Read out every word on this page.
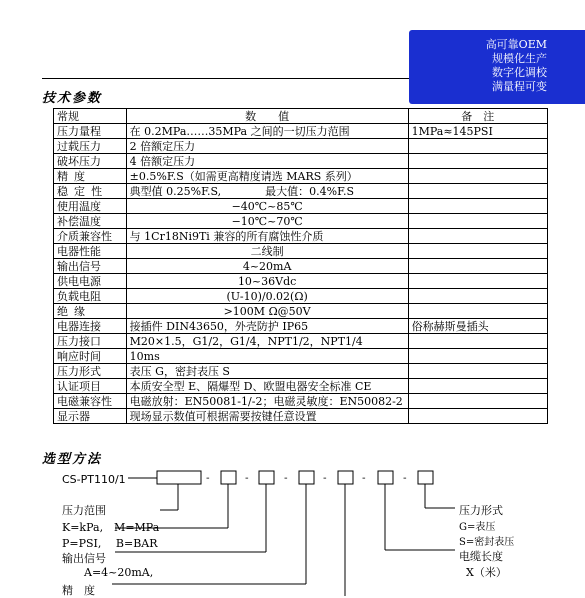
高可靠OEM
规模化生产
数字化调校
满量程可变
技术参数
常规	数　　值	备　注
压力量程	在 0.2MPa……35MPa 之间的一切压力范围	1MPa≈145PSI
过载压力	2 倍额定压力	
破坏压力	4 倍额定压力	
精度	±0.5%F.S（如需更高精度请选 MARS 系列）	
稳定性	典型值 0.25%F.S,　　　　最大值：0.4%F.S	
使用温度	−40℃~85℃	
补偿温度	−10℃~70℃	
介质兼容性	与 1Cr18Ni9Ti 兼容的所有腐蚀性介质	
电器性能	二线制	
输出信号	4~20mA	
供电电源	10~36Vdc	
负载电阻	(U-10)/0.02(Ω)	
绝缘	>100M Ω@50V	
电器连接	接插件 DIN43650，外壳防护 IP65	俗称赫斯曼插头
压力接口	M20×1.5，G1/2，G1/4，NPT1/2，NPT1/4	
响应时间	10ms	
压力形式	表压 G，密封表压 S	
认证项目	本质安全型 E、隔爆型 D、欧盟电器安全标准 CE	
电磁兼容性	电磁放射：EN50081-1/-2；电磁灵敏度：EN50082-2	
显示器	现场显示数值可根据需要按键任意设置	
选型方法
CS-PT110/1	-	-	-	-	-	-
压力范围
K=kPa,　M=MPa
P=PSI,　 B=BAR
输出信号
A=4~20mA,
精　度
压力形式
G=表压
S=密封表压
电缆长度
X（米）
